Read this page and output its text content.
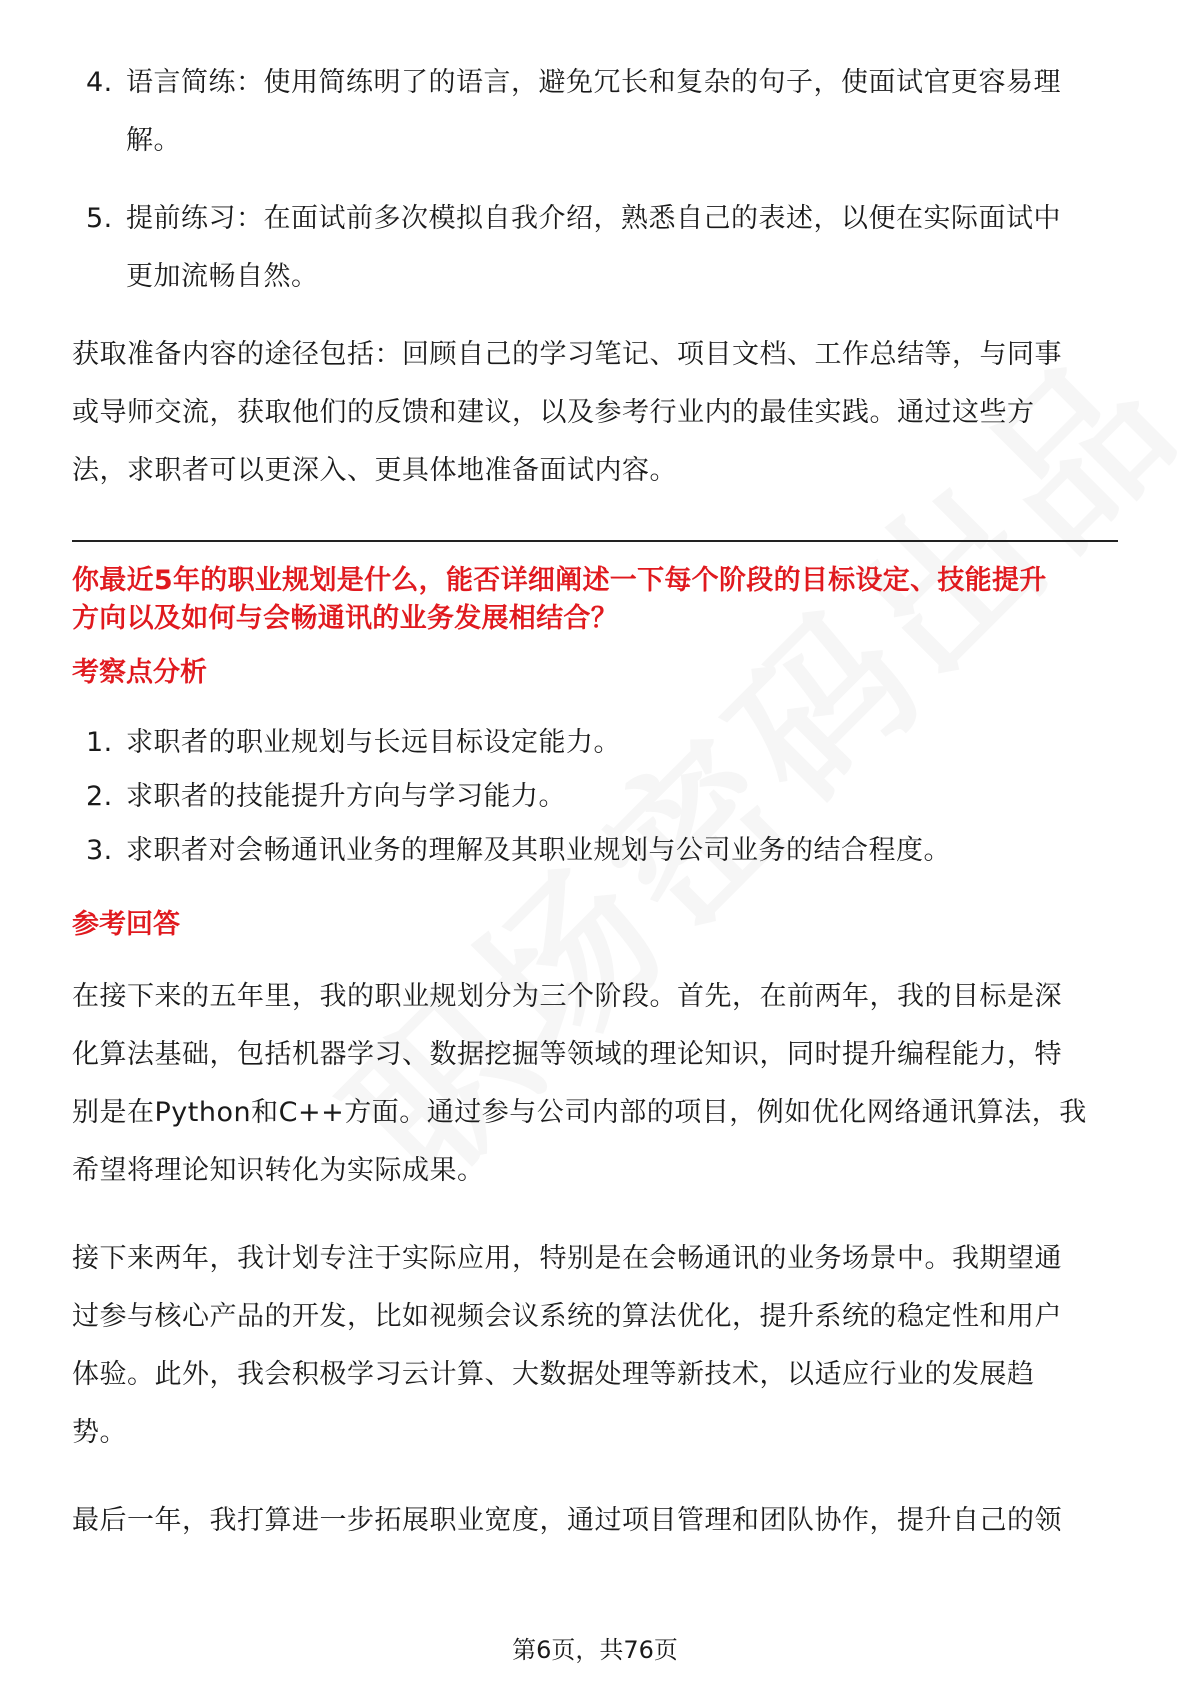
4. 语言简练：使用简练明了的语言，避免冗长和复杂的句子，使面试官更容易理
解。
5. 提前练习：在面试前多次模拟自我介绍，熟悉自己的表述，以便在实际面试中
更加流畅自然。

获取准备内容的途径包括：回顾自己的学习笔记、项目文档、工作总结等，与同事

或导师交流，获取他们的反馈和建议，以及参考行业内的最佳实践。通过这些方

法，求职者可以更深入、更具体地准备面试内容。

你最近5年的职业规划是什么，能否详细阐述一下每个阶段的目标设定、技能提升

方向以及如何与会畅通讯的业务发展相结合？

考察点分析

1. 求职者的职业规划与长远目标设定能力。
2. 求职者的技能提升方向与学习能力。
3. 求职者对会畅通讯业务的理解及其职业规划与公司业务的结合程度。

参考回答

在接下来的五年里，我的职业规划分为三个阶段。首先，在前两年，我的目标是深

化算法基础，包括机器学习、数据挖掘等领域的理论知识，同时提升编程能力，特

别是在Python和C++方面。通过参与公司内部的项目，例如优化网络通讯算法，我

希望将理论知识转化为实际成果。

接下来两年，我计划专注于实际应用，特别是在会畅通讯的业务场景中。我期望通

过参与核心产品的开发，比如视频会议系统的算法优化，提升系统的稳定性和用户

体验。此外，我会积极学习云计算、大数据处理等新技术，以适应行业的发展趋

势。

最后一年，我打算进一步拓展职业宽度，通过项目管理和团队协作，提升自己的领

第6页，共76页
